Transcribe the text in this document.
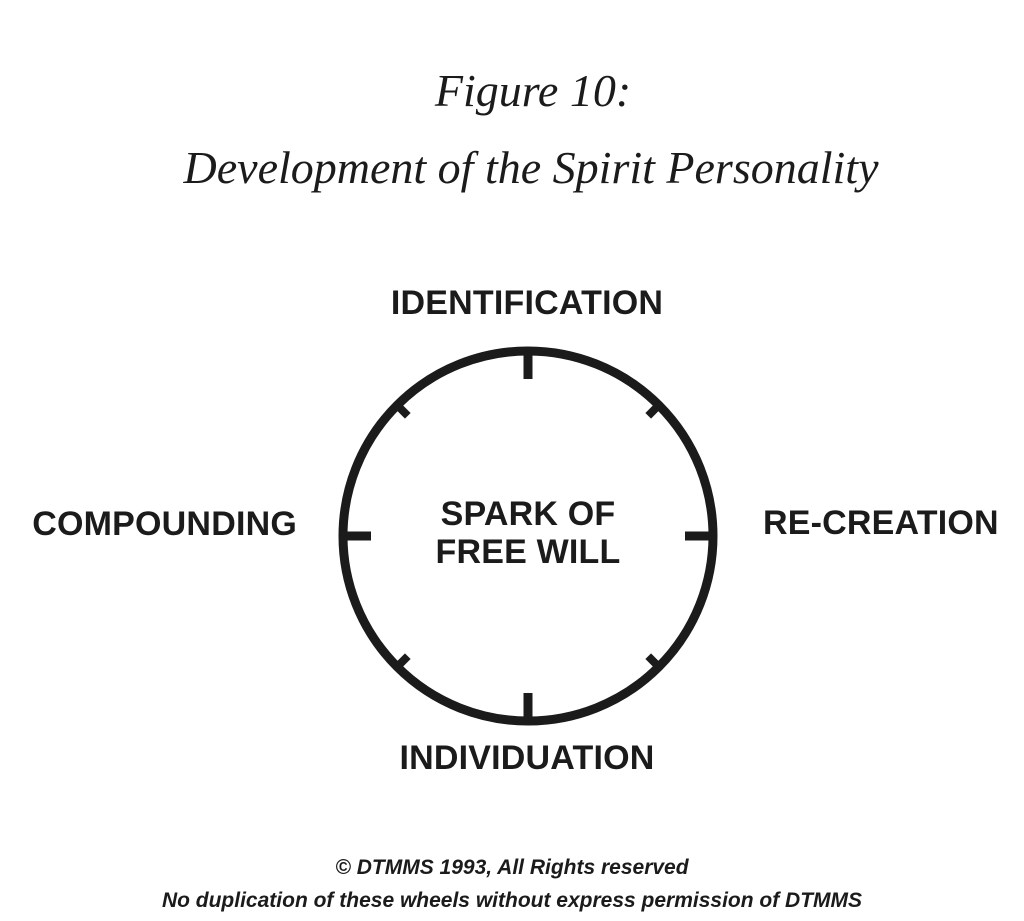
Figure 10:
Development of the Spirit Personality
IDENTIFICATION
SPARK OF
FREE WILL
COMPOUNDING	RE-CREATION
INDIVIDUATION
© DTMMS 1993, All Rights reserved
No duplication of these wheels without express permission of DTMMS
